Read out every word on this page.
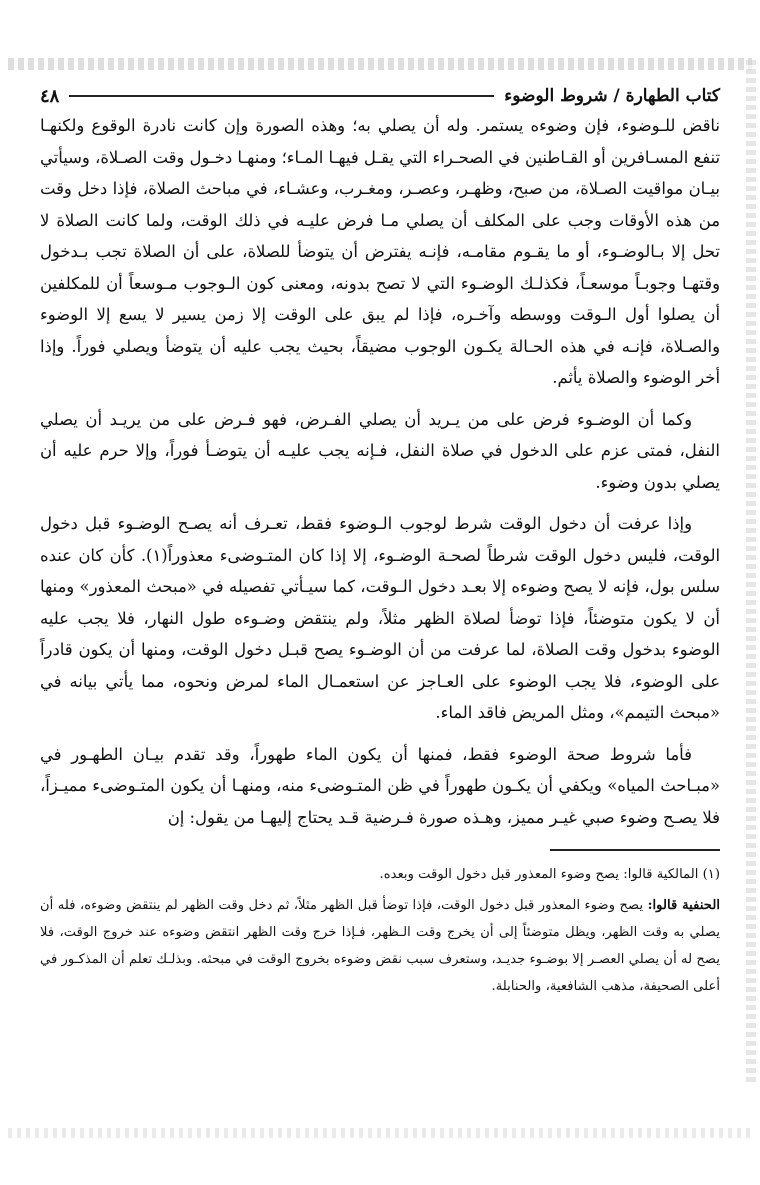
كتاب الطهارة / شروط الوضوء
٤٨

ناقض للـوضوء، فإن وضوءه يستمر. وله أن يصلي به؛ وهذه الصورة وإن كانت نادرة الوقوع ولكنهـا تنفع المسـافرين أو القـاطنين في الصحـراء التي يقـل فيهـا المـاء؛ ومنهـا دخـول وقت الصـلاة، وسيأتي بيـان مواقيت الصـلاة، من صبح، وظهـر، وعصـر، ومغـرب، وعشـاء، في مباحث الصلاة، فإذا دخل وقت من هذه الأوقات وجب على المكلف أن يصلي مـا فرض عليـه في ذلك الوقت، ولما كانت الصلاة لا تحل إلا بـالوضـوء، أو ما يقـوم مقامـه، فإنـه يفترض أن يتوضأ للصلاة، على أن الصلاة تجب بـدخول وقتهـا وجوبـاً موسعـاً، فكذلـك الوضـوء التي لا تصح بدونه، ومعنى كون الـوجوب مـوسعاً أن للمكلفين أن يصلوا أول الـوقت ووسطه وآخـره، فإذا لم يبق على الوقت إلا زمن يسير لا يسع إلا الوضوء والصـلاة، فإنـه في هذه الحـالة يكـون الوجوب مضيقاً، بحيث يجب عليه أن يتوضأ ويصلي فوراً. وإذا أخر الوضوء والصلاة يأثم.

وكما أن الوضـوء فرض على من يـريد أن يصلي الفـرض، فهو فـرض على من يريـد أن يصلي النفل، فمتى عزم على الدخول في صلاة النفل، فـإنه يجب عليـه أن يتوضـأ فوراً، وإلا حرم عليه أن يصلي بدون وضوء.

وإذا عرفت أن دخول الوقت شرط لوجوب الـوضوء فقط، تعـرف أنه يصـح الوضـوء قبل دخول الوقت، فليس دخول الوقت شرطاً لصحـة الوضـوء، إلا إذا كان المتـوضىء معذوراً(١). كأن كان عنده سلس بول، فإنه لا يصح وضوءه إلا بعـد دخول الـوقت، كما سيـأتي تفصيله في «مبحث المعذور» ومنها أن لا يكون متوضئاً، فإذا توضأ لصلاة الظهر مثلاً، ولم ينتقض وضـوءه طول النهار، فلا يجب عليه الوضوء بدخول وقت الصلاة، لما عرفت من أن الوضـوء يصح قبـل دخول الوقت، ومنها أن يكون قادراً على الوضوء، فلا يجب الوضوء على العـاجز عن استعمـال الماء لمرض ونحوه، مما يأتي بيانه في «مبحث التيمم»، ومثل المريض فاقد الماء.

فأما شروط صحة الوضوء فقط، فمنها أن يكون الماء طهوراً، وقد تقدم بيـان الطهـور في «مبـاحث المياه» ويكفي أن يكـون طهوراً في ظن المتـوضىء منه، ومنهـا أن يكون المتـوضىء مميـزاً، فلا يصـح وضوء صبي غيـر مميز، وهـذه صورة فـرضية قـد يحتاج إليهـا من يقول: إن

(١) المالكية قالوا: يصح وضوء المعذور قبل دخول الوقت وبعده.

الحنفية قالوا: يصح وضوء المعذور قبل دخول الوقت، فإذا توضأ قبل الظهر مثلاً، ثم دخل وقت الظهر لم ينتقض وضوءه، فله أن يصلي به وقت الظهر، ويظل متوضئاً إلى أن يخرج وقت الـظهر، فـإذا خرج وقت الظهر انتقض وضوءه عند خروج الوقت، فلا يصح له أن يصلي العصـر إلا بوضـوء جديـد، وستعرف سبب نقض وضوءه بخروج الوقت في مبحثه. وبذلـك تعلم أن المذكـور في أعلى الصحيفة، مذهب الشافعية، والحنابلة.
